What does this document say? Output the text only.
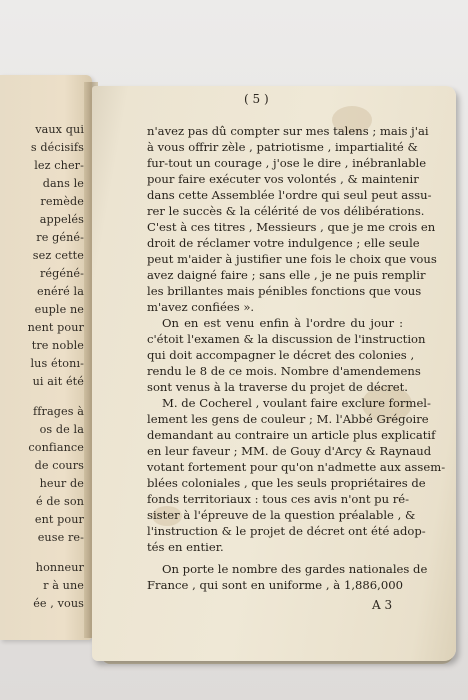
vaux qui
s décisifs
lez cher-
dans le
remède
appelés
re géné-
sez cette
régéné-
enéré la
euple ne
nent pour
tre noble
lus étonı-
ui ait été
ffrages à
os de la
confiance
de cours
heur de
é de son
ent pour
euse re-
honneur
r à une
ée , vous
( 5 )
n'avez pas dû compter sur mes talens ; mais j'ai
à vous offrir zèle , patriotisme , impartialité &
fur-tout un courage , j'ose le dire , inébranlable
pour faire exécuter vos volontés , & maintenir
dans cette Assemblée l'ordre qui seul peut assu-
rer le succès & la célérité de vos délibérations.
C'est à ces titres , Messieurs , que je me crois en
droit de réclamer votre indulgence ; elle seule
peut m'aider à justifier une fois le choix que vous
avez daigné faire ; sans elle , je ne puis remplir
les brillantes mais pénibles fonctions que vous
m'avez confiées ».
On en est venu enfin à l'ordre du jour :
c'étoit l'examen & la discussion de l'instruction
qui doit accompagner le décret des colonies ,
rendu le 8 de ce mois. Nombre d'amendemens
sont venus à la traverse du projet de décret.
M. de Cocherel , voulant faire exclure formel-
lement les gens de couleur ; M. l'Abbé Grégoire
demandant au contraire un article plus explicatif
en leur faveur ; MM. de Gouy d'Arcy & Raynaud
votant fortement pour qu'on n'admette aux assem-
blées coloniales , que les seuls propriétaires de
fonds territoriaux : tous ces avis n'ont pu ré-
sister à l'épreuve de la question préalable , &
l'instruction & le projet de décret ont été adop-
tés en entier.
On porte le nombre des gardes nationales de
France , qui sont en uniforme , à 1,886,000
A 3
